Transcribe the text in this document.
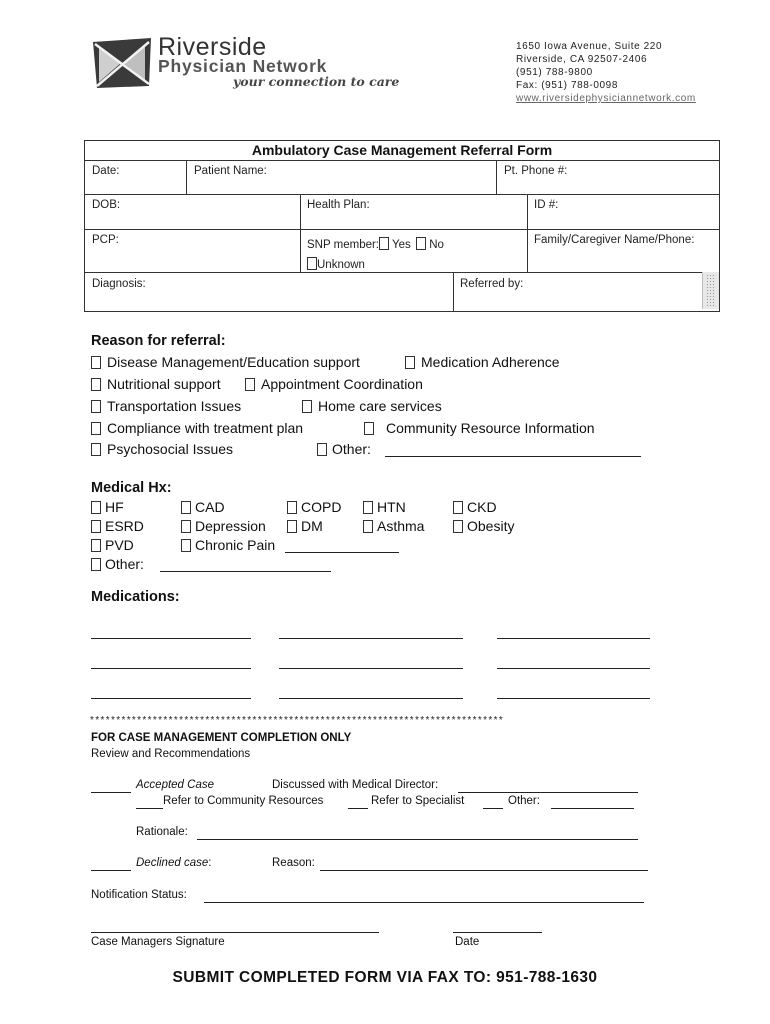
Riverside
Physician Network
your connection to care
1650 Iowa Avenue, Suite 220
Riverside, CA 92507-2406
(951) 788-9800
Fax: (951) 788-0098
www.riversidephysiciannetwork.com
Ambulatory Case Management Referral Form
Date:	Patient Name:	Pt. Phone #:
DOB:	Health Plan:	ID #:
PCP:	SNP member: Yes No
Unknown
Family/Caregiver Name/Phone:
Diagnosis:	Referred by:
Reason for referral:
Disease Management/Education support	Medication Adherence
Nutritional support	Appointment Coordination
Transportation Issues	Home care services
Compliance with treatment plan	Community Resource Information
Psychosocial Issues	Other:
Medical Hx:
HF	CAD	COPD	HTN	CKD
ESRD	Depression	DM	Asthma	Obesity
PVD	Chronic Pain
Other:
Medications:
*******************************************************************************
FOR CASE MANAGEMENT COMPLETION ONLY
Review and Recommendations
Accepted Case	Discussed with Medical Director:
Refer to Community Resources	Refer to Specialist	Other:
Rationale:
Declined case:	Reason:
Notification Status:
Case Managers Signature	Date
SUBMIT COMPLETED FORM VIA FAX TO: 951-788-1630
